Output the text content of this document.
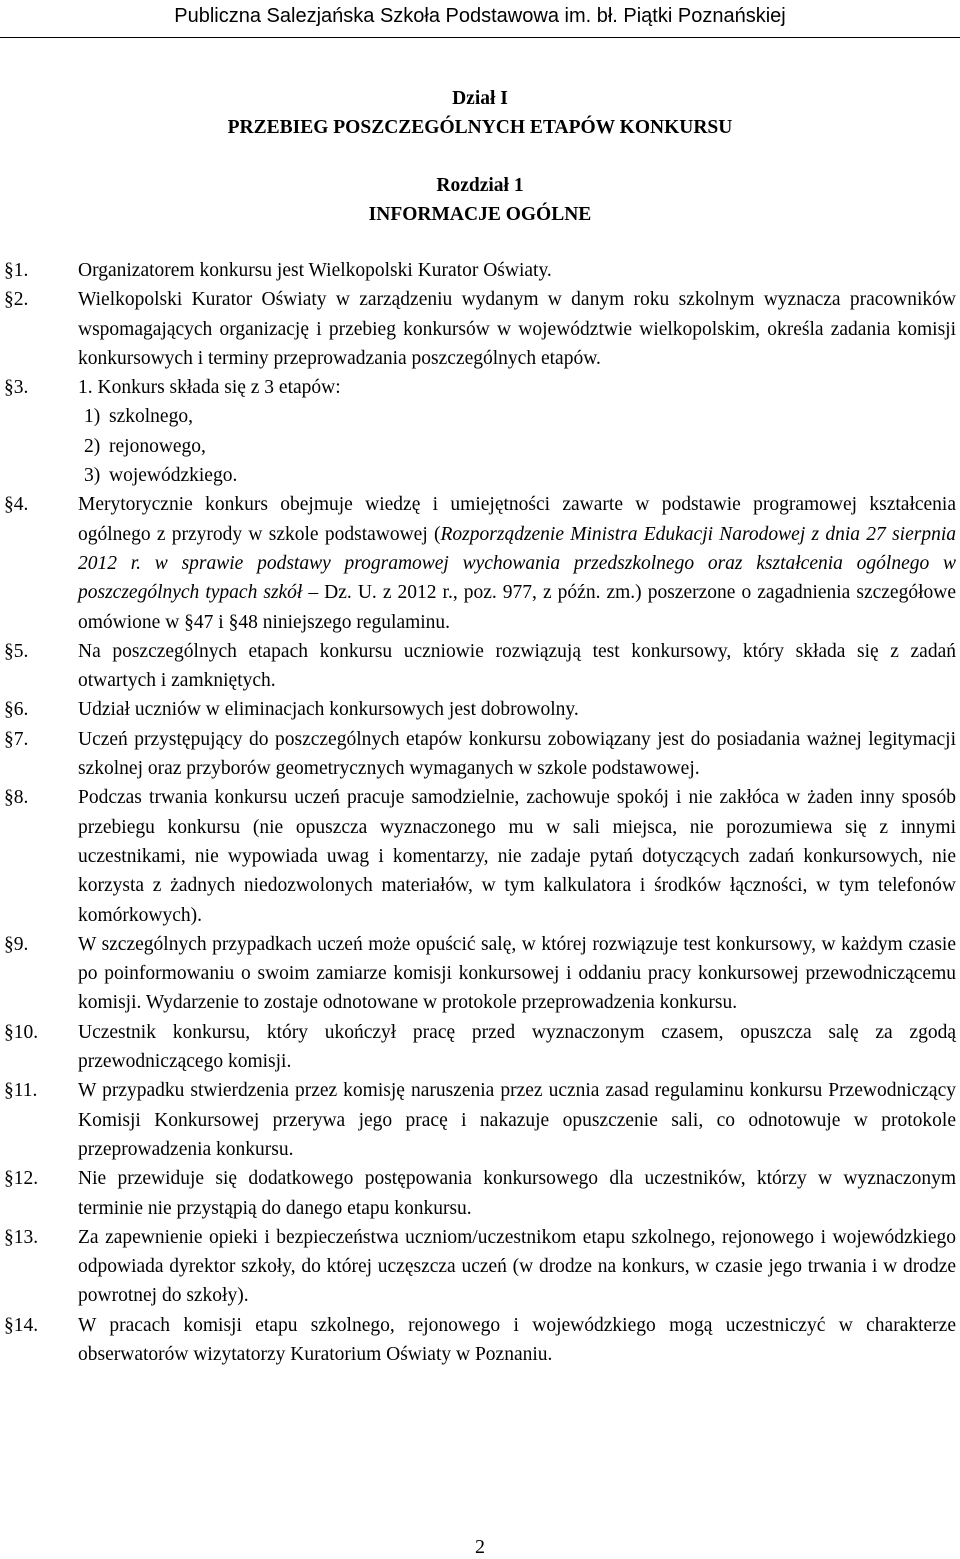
Publiczna Salezjańska Szkoła Podstawowa im. bł. Piątki Poznańskiej
Dział I
PRZEBIEG POSZCZEGÓLNYCH ETAPÓW KONKURSU
Rozdział 1
INFORMACJE OGÓLNE
§1.	Organizatorem konkursu jest Wielkopolski Kurator Oświaty.

§2.	Wielkopolski Kurator Oświaty w zarządzeniu wydanym w danym roku szkolnym wyznacza pracowników wspomagających organizację i przebieg konkursów w województwie wielkopolskim, określa zadania komisji konkursowych i terminy przeprowadzania poszczególnych etapów.

§3.	1. Konkurs składa się z 3 etapów:

1) szkolnego,
2) rejonowego,
3) wojewódzkiego.
§4.	Merytorycznie konkurs obejmuje wiedzę i umiejętności zawarte w podstawie programowej kształcenia ogólnego z przyrody w szkole podstawowej (Rozporządzenie Ministra Edukacji Narodowej z dnia 27 sierpnia 2012 r. w sprawie podstawy programowej wychowania przedszkolnego oraz kształcenia ogólnego w poszczególnych typach szkół – Dz. U. z 2012 r., poz. 977, z późn. zm.) poszerzone o zagadnienia szczegółowe omówione w §47 i §48 niniejszego regulaminu.

§5.	Na poszczególnych etapach konkursu uczniowie rozwiązują test konkursowy, który składa się z zadań otwartych i zamkniętych.

§6.	Udział uczniów w eliminacjach konkursowych jest dobrowolny.

§7.	Uczeń przystępujący do poszczególnych etapów konkursu zobowiązany jest do posiadania ważnej legitymacji szkolnej oraz przyborów geometrycznych wymaganych w szkole podstawowej.

§8.	Podczas trwania konkursu uczeń pracuje samodzielnie, zachowuje spokój i nie zakłóca w żaden inny sposób przebiegu konkursu (nie opuszcza wyznaczonego mu w sali miejsca, nie porozumiewa się z innymi uczestnikami, nie wypowiada uwag i komentarzy, nie zadaje pytań dotyczących zadań konkursowych, nie korzysta z żadnych niedozwolonych materiałów, w tym kalkulatora i środków łączności, w tym telefonów komórkowych).

§9.	W szczególnych przypadkach uczeń może opuścić salę, w której rozwiązuje test konkursowy, w każdym czasie po poinformowaniu o swoim zamiarze komisji konkursowej i oddaniu pracy konkursowej przewodniczącemu komisji. Wydarzenie to zostaje odnotowane w protokole przeprowadzenia konkursu.

§10.	Uczestnik konkursu, który ukończył pracę przed wyznaczonym czasem, opuszcza salę za zgodą przewodniczącego komisji.

§11.	W przypadku stwierdzenia przez komisję naruszenia przez ucznia zasad regulaminu konkursu Przewodniczący Komisji Konkursowej przerywa jego pracę i nakazuje opuszczenie sali, co odnotowuje w protokole przeprowadzenia konkursu.

§12.	Nie przewiduje się dodatkowego postępowania konkursowego dla uczestników, którzy w wyznaczonym terminie nie przystąpią do danego etapu konkursu.

§13.	Za zapewnienie opieki i bezpieczeństwa uczniom/uczestnikom etapu szkolnego, rejonowego i wojewódzkiego odpowiada dyrektor szkoły, do której uczęszcza uczeń (w drodze na konkurs, w czasie jego trwania i w drodze powrotnej do szkoły).

§14.	W pracach komisji etapu szkolnego, rejonowego i wojewódzkiego mogą uczestniczyć w charakterze obserwatorów wizytatorzy Kuratorium Oświaty w Poznaniu.

2
